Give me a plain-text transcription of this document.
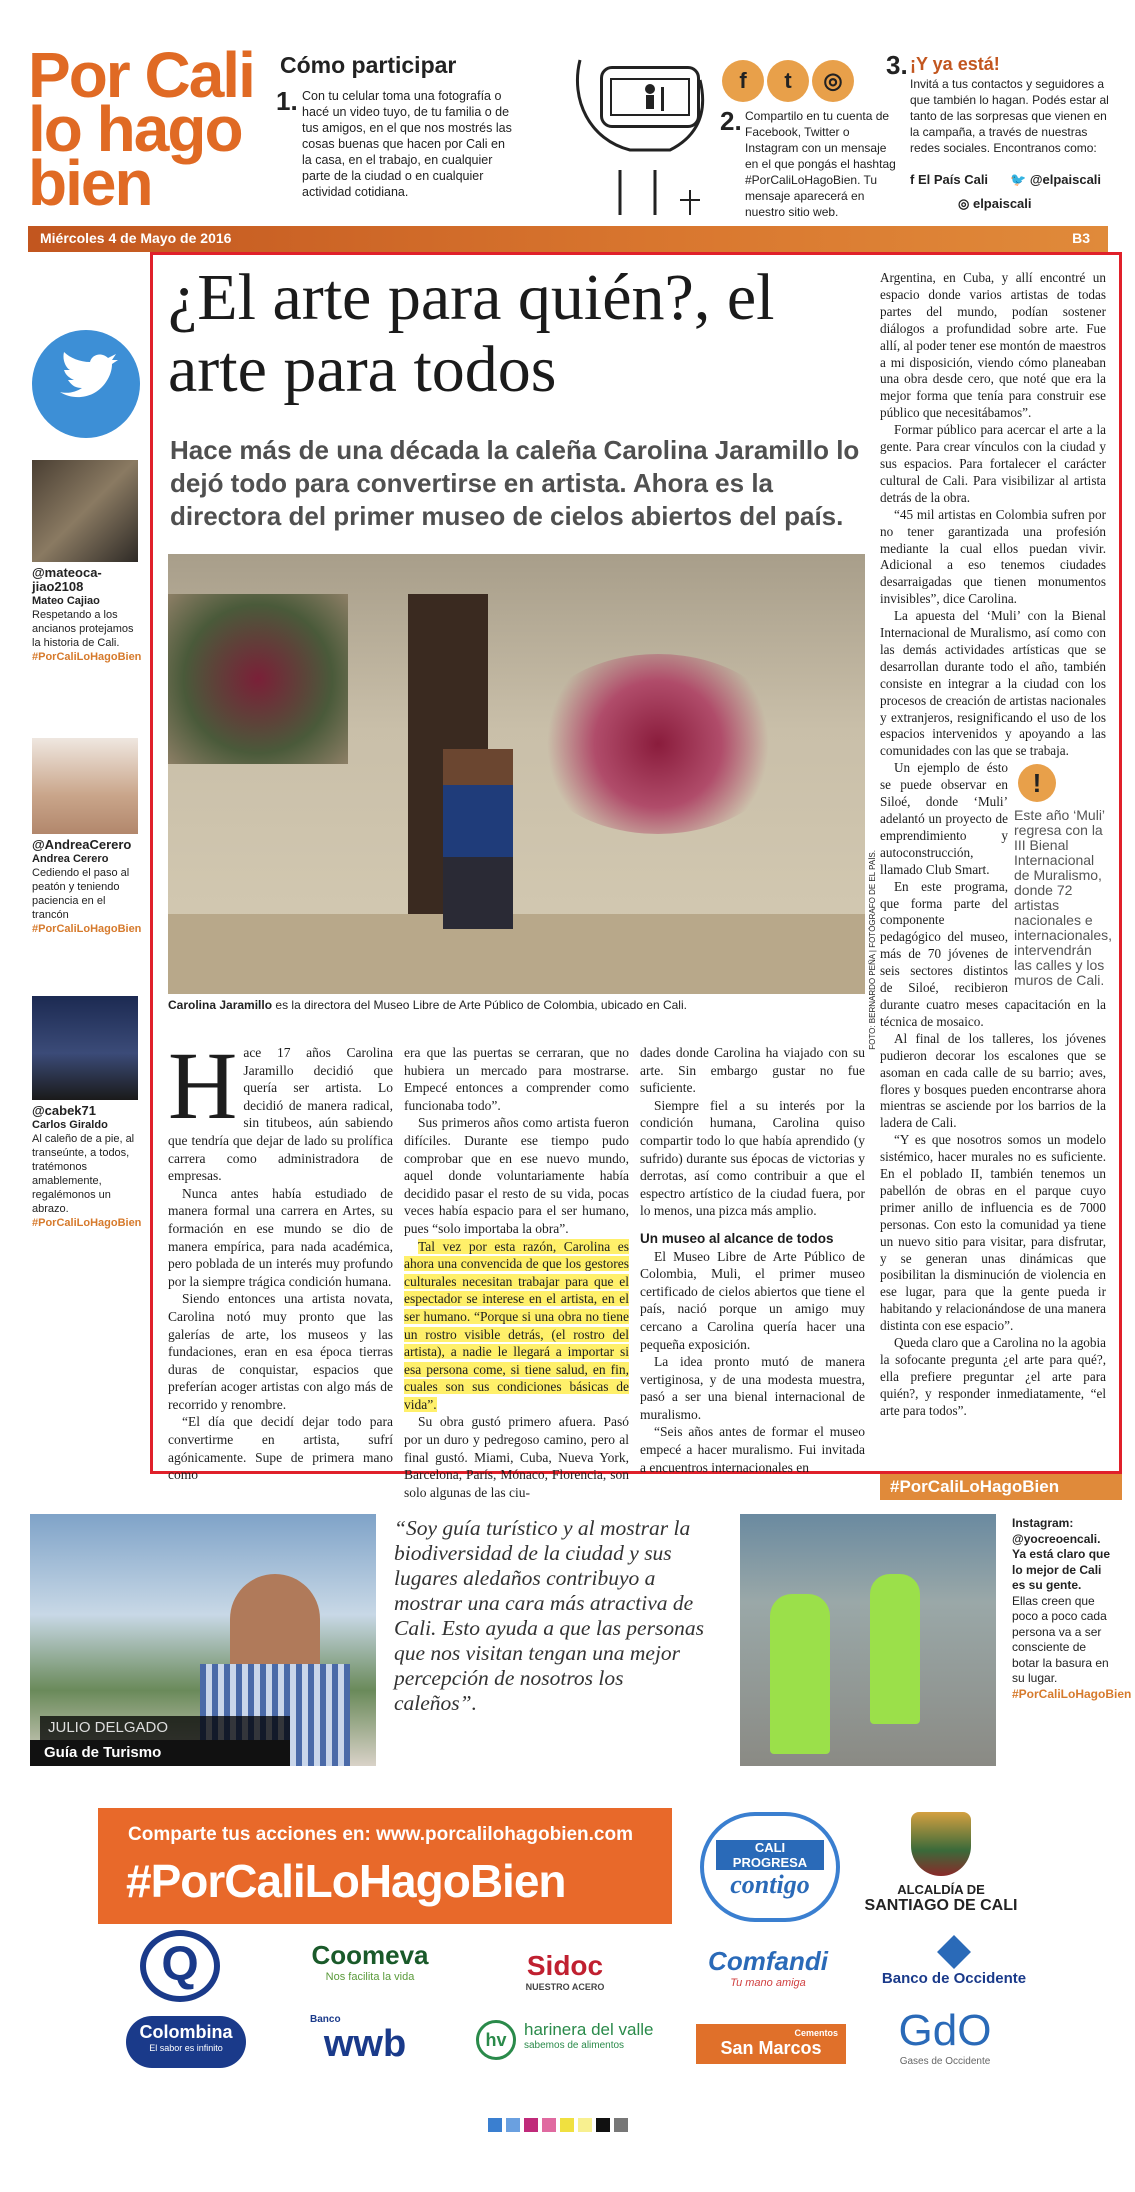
Por Cali
lo hago
bien
Cómo participar
1. Con tu celular toma una fotografía o hacé un video tuyo, de tu familia o de tus amigos, en el que nos mostrés las cosas buenas que hacen por Cali en la casa, en el trabajo, en cualquier parte de la ciudad o en cualquier actividad cotidiana.
f	t	◎
2. Compartilo en tu cuenta de Facebook, Twitter o Instagram con un mensaje en el que pongás el hashtag #PorCaliLoHagoBien. Tu mensaje aparecerá en nuestro sitio web.
3. ¡Y ya está!
Invitá a tus contactos y seguidores a que también lo hagan. Podés estar al tanto de las sorpresas que vienen en la campaña, a través de nuestras redes sociales. Encontranos como:
f El País Cali 🐦 @elpaiscali
◎ elpaiscali
Miércoles 4 de Mayo de 2016	B3
@mateoca-jiao2108
Mateo Cajiao
Respetando a los ancianos protejamos la historia de Cali.
#PorCaliLoHagoBien
@AndreaCerero
Andrea Cerero
Cediendo el paso al peatón y teniendo paciencia en el trancón
#PorCaliLoHagoBien
@cabek71
Carlos Giraldo
Al caleño de a pie, al transeúnte, a todos, tratémonos amablemente, regalémonos un abrazo.
#PorCaliLoHagoBien
¿El arte para quién?, el arte para todos
Hace más de una década la caleña Carolina Jaramillo lo dejó todo para convertirse en artista. Ahora es la directora del primer museo de cielos abiertos del país.
FOTO: BERNARDO PEÑA | FOTÓGRAFO DE EL PAÍS.
Carolina Jaramillo es la directora del Museo Libre de Arte Público de Colombia, ubicado en Cali.
H ace 17 años Carolina Jaramillo decidió que quería ser artista. Lo decidió de manera radical, sin titubeos, aún sabiendo que tendría que dejar de lado su prolífica carrera como administradora de empresas.

Nunca antes había estudiado de manera formal una carrera en Artes, su formación en ese mundo se dio de manera empírica, para nada académica, pero poblada de un interés muy profundo por la siempre trágica condición humana.

Siendo entonces una artista novata, Carolina notó muy pronto que las galerías de arte, los museos y las fundaciones, eran en esa época tierras duras de conquistar, espacios que preferían acoger artistas con algo más de recorrido y renombre.

“El día que decidí dejar todo para convertirme en artista, sufrí agónicamente. Supe de primera mano como

era que las puertas se cerraran, que no hubiera un mercado para mostrarse. Empecé entonces a comprender como funcionaba todo”.

Sus primeros años como artista fueron difíciles. Durante ese tiempo pudo comprobar que en ese nuevo mundo, aquel donde voluntariamente había decidido pasar el resto de su vida, pocas veces había espacio para el ser humano, pues “solo importaba la obra”.

Tal vez por esta razón, Carolina es ahora una convencida de que los gestores culturales necesitan trabajar para que el espectador se interese en el artista, en el ser humano. “Porque si una obra no tiene un rostro visible detrás, (el rostro del artista), a nadie le llegará a importar si esa persona come, si tiene salud, en fin, cuales son sus condiciones básicas de vida”.

Su obra gustó primero afuera. Pasó por un duro y pedregoso camino, pero al final gustó. Miami, Cuba, Nueva York, Barcelona, París, Mónaco, Florencia, son solo algunas de las ciu-

dades donde Carolina ha viajado con su arte. Sin embargo gustar no fue suficiente.

Siempre fiel a su interés por la condición humana, Carolina quiso compartir todo lo que había aprendido (y sufrido) durante sus épocas de victorias y derrotas, así como contribuir a que el espectro artístico de la ciudad fuera, por lo menos, una pizca más amplio.

Un museo al alcance de todos

El Museo Libre de Arte Público de Colombia, Muli, el primer museo certificado de cielos abiertos que tiene el país, nació porque un amigo muy cercano a Carolina quería hacer una pequeña exposición.

La idea pronto mutó de manera vertiginosa, y de una modesta muestra, pasó a ser una bienal internacional de muralismo.

“Seis años antes de formar el museo empecé a hacer muralismo. Fui invitada a encuentros internacionales en

Argentina, en Cuba, y allí encontré un espacio donde varios artistas de todas partes del mundo, podían sostener diálogos a profundidad sobre arte. Fue allí, al poder tener ese montón de maestros a mi disposición, viendo cómo planeaban una obra desde cero, que noté que era la mejor forma que tenía para construir ese público que necesitábamos”.

Formar público para acercar el arte a la gente. Para crear vínculos con la ciudad y sus espacios. Para fortalecer el carácter cultural de Cali. Para visibilizar al artista detrás de la obra.

“45 mil artistas en Colombia sufren por no tener garantizada una profesión mediante la cual ellos puedan vivir. Adicional a eso tenemos ciudades desarraigadas que tienen monumentos invisibles”, dice Carolina.

La apuesta del ‘Muli’ con la Bienal Internacional de Muralismo, así como con las demás actividades artísticas que se desarrollan durante todo el año, también consiste en integrar a la ciudad con los procesos de creación de artistas nacionales y extranjeros, resignificando el uso de los espacios intervenidos y apoyando a las comunidades con las que se trabaja.

!
Este año ‘Muli’ regresa con la III Bienal Internacional de Muralismo, donde 72 artistas nacionales e internacionales, intervendrán las calles y los muros de Cali.

Un ejemplo de ésto se puede observar en Siloé, donde ‘Muli’ adelantó un proyecto de emprendimiento y autoconstrucción, llamado Club Smart.

En este programa, que forma parte del componente pedagógico del museo, más de 70 jóvenes de seis sectores distintos de Siloé, recibieron durante cuatro meses capacitación en la técnica de mosaico.

Al final de los talleres, los jóvenes pudieron decorar los escalones que se asoman en cada calle de su barrio; aves, flores y bosques pueden encontrarse ahora mientras se asciende por los barrios de la ladera de Cali.

“Y es que nosotros somos un modelo sistémico, hacer murales no es suficiente. En el poblado II, también tenemos un pabellón de obras en el parque cuyo primer anillo de influencia es de 7000 personas. Con esto la comunidad ya tiene un nuevo sitio para visitar, para disfrutar, y se generan unas dinámicas que posibilitan la disminución de violencia en ese lugar, para que la gente pueda ir habitando y relacionándose de una manera distinta con ese espacio”.

Queda claro que a Carolina no la agobia la sofocante pregunta ¿el arte para qué?, ella prefiere preguntar ¿el arte para quién?, y responder inmediatamente, “el arte para todos”.

#PorCaliLoHagoBien
JULIO DELGADO
Guía de Turismo
“Soy guía turístico y al mostrar la biodiversidad de la ciudad y sus lugares aledaños contribuyo a mostrar una cara más atractiva de Cali. Esto ayuda a que las personas que nos visitan tengan una mejor percepción de nosotros los caleños”.
Instagram: @yocreoencali. Ya está claro que lo mejor de Cali es su gente.
Ellas creen que poco a poco cada persona va a ser consciente de botar la basura en su lugar.
#PorCaliLoHagoBien
Comparte tus acciones en: www.porcalilohagobien.com
#PorCaliLoHagoBien
CALI PROGRESA
contigo	ALCALDÍA DE
SANTIAGO DE CALI
Q	Coomeva
Nos facilita la vida	Sidoc
NUESTRO ACERO
Comfandi
Tu mano amiga	Banco de Occidente
Colombina
El sabor es infinito
Banco
wwb	hv
harinera del valle
sabemos de alimentos
Cementos
San Marcos	GdO
Gases de Occidente
